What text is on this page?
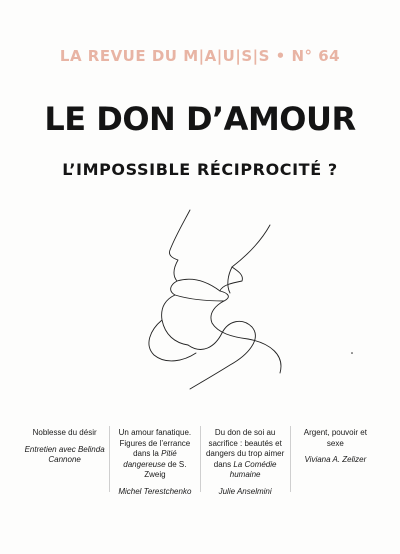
LA REVUE DU M|A|U|S|S • N° 64
LE DON D’AMOUR
L’IMPOSSIBLE RÉCIPROCITÉ ?
Noblesse du désir
Entretien avec Belinda Cannone
Un amour fanatique. Figures de l’errance dans la Pitié dangereuse de S. Zweig
Michel Terestchenko
Du don de soi au sacrifice : beautés et dangers du trop aimer dans La Comédie humaine
Julie Anselmini
Argent, pouvoir et sexe
Viviana A. Zelizer
